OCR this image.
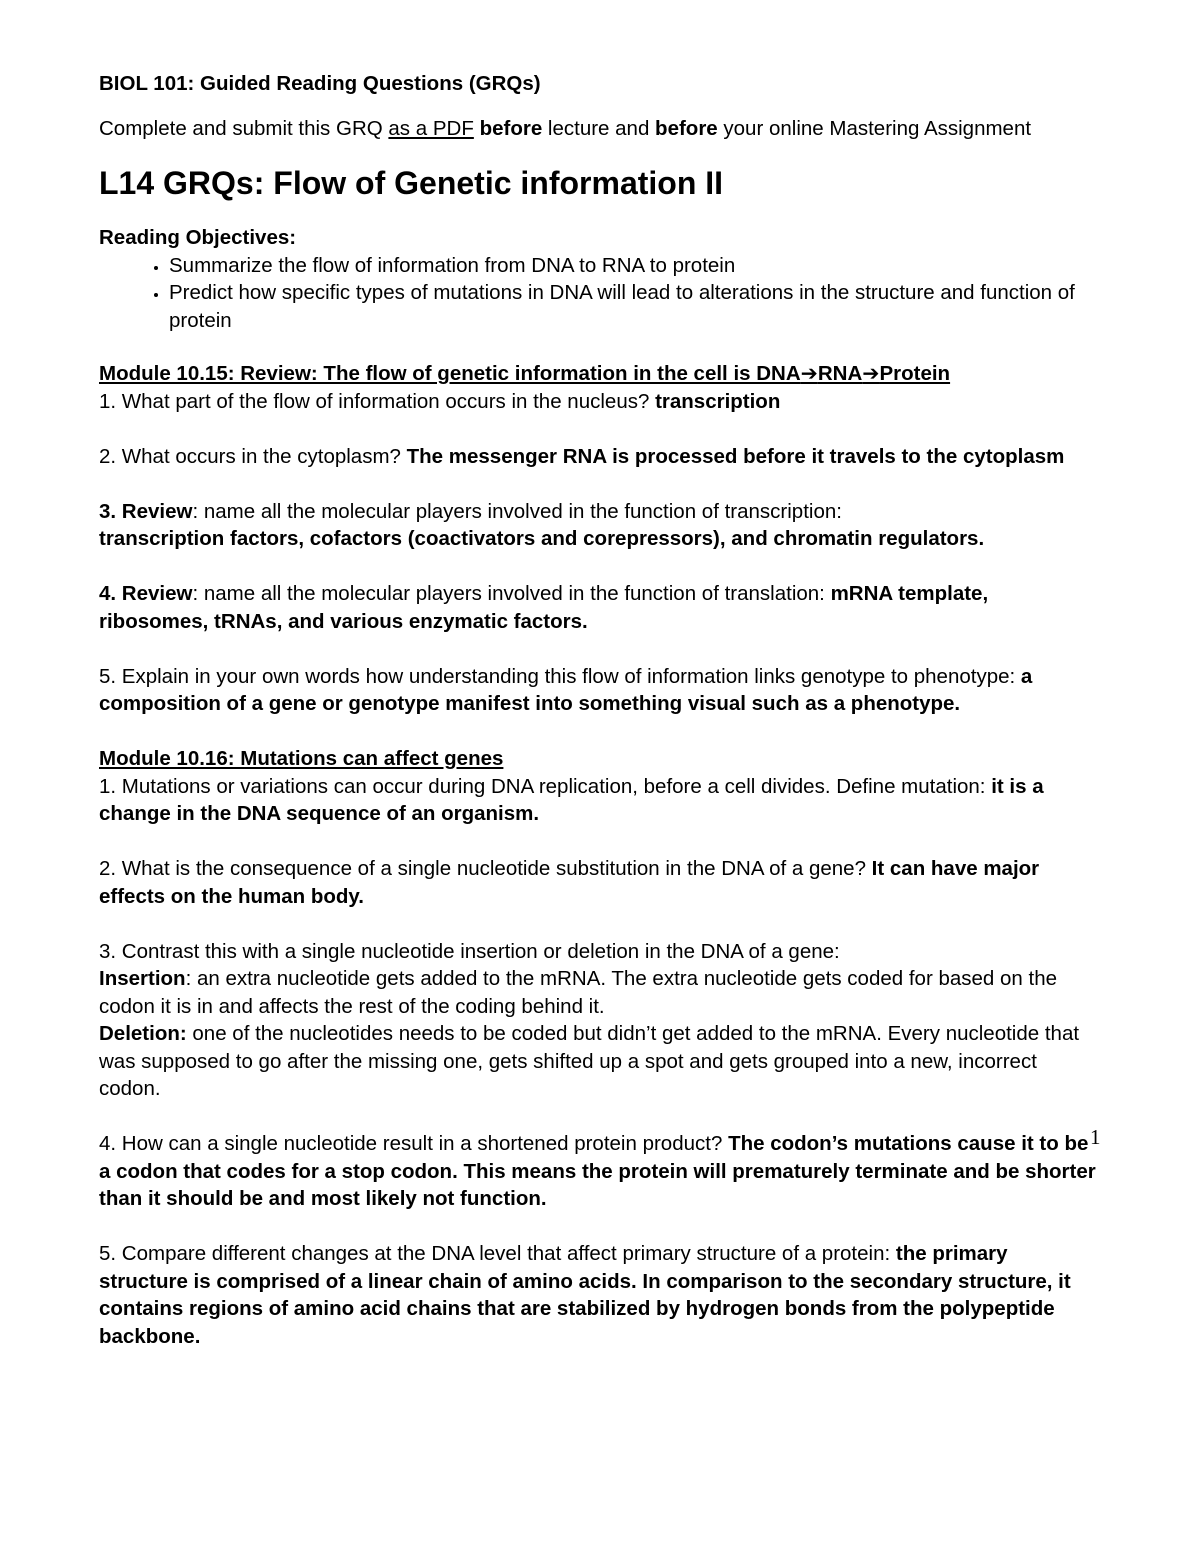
BIOL 101: Guided Reading Questions (GRQs)

Complete and submit this GRQ as a PDF before lecture and before your online Mastering Assignment

L14 GRQs: Flow of Genetic information II

Reading Objectives:

• Summarize the flow of information from DNA to RNA to protein
• Predict how specific types of mutations in DNA will lead to alterations in the structure and function of protein

Module 10.15: Review: The flow of genetic information in the cell is DNA➔RNA➔Protein

1. What part of the flow of information occurs in the nucleus? transcription

2. What occurs in the cytoplasm? The messenger RNA is processed before it travels to the cytoplasm

3. Review: name all the molecular players involved in the function of transcription:

transcription factors, cofactors (coactivators and corepressors), and chromatin regulators.

4. Review: name all the molecular players involved in the function of translation: mRNA template, ribosomes, tRNAs, and various enzymatic factors.

5. Explain in your own words how understanding this flow of information links genotype to phenotype: a composition of a gene or genotype manifest into something visual such as a phenotype.

Module 10.16: Mutations can affect genes

1. Mutations or variations can occur during DNA replication, before a cell divides. Define mutation: it is a change in the DNA sequence of an organism.

2. What is the consequence of a single nucleotide substitution in the DNA of a gene? It can have major effects on the human body.

3. Contrast this with a single nucleotide insertion or deletion in the DNA of a gene:

Insertion: an extra nucleotide gets added to the mRNA. The extra nucleotide gets coded for based on the codon it is in and affects the rest of the coding behind it.

Deletion: one of the nucleotides needs to be coded but didn’t get added to the mRNA. Every nucleotide that was supposed to go after the missing one, gets shifted up a spot and gets grouped into a new, incorrect codon.

4. How can a single nucleotide result in a shortened protein product? The codon’s mutations cause it to be a codon that codes for a stop codon. This means the protein will prematurely terminate and be shorter than it should be and most likely not function.

5. Compare different changes at the DNA level that affect primary structure of a protein: the primary structure is comprised of a linear chain of amino acids. In comparison to the secondary structure, it contains regions of amino acid chains that are stabilized by hydrogen bonds from the polypeptide backbone.

1
